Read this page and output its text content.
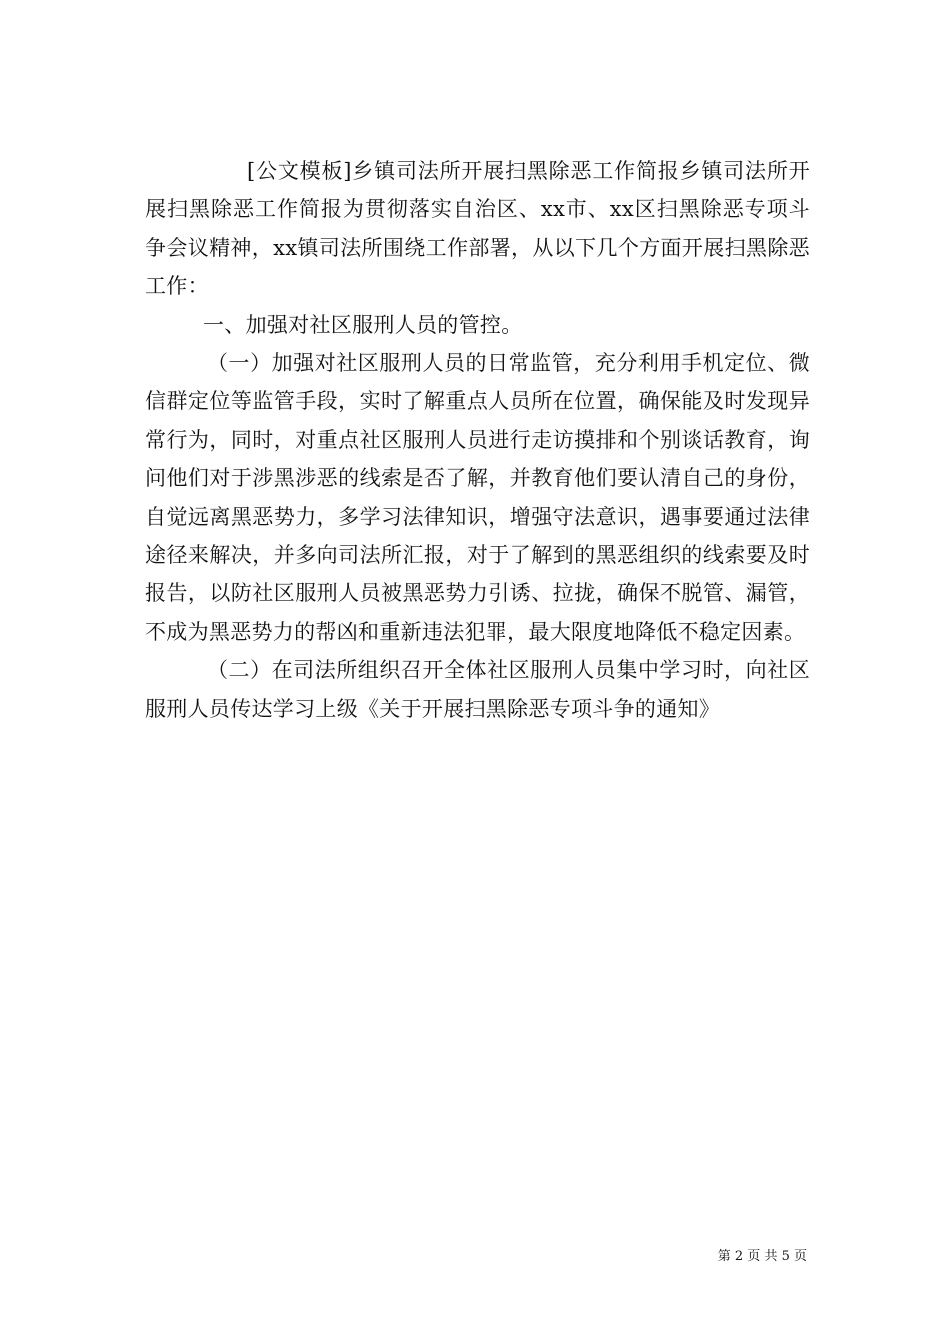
[公文模板]乡镇司法所开展扫黑除恶工作简报乡镇司法所开展扫黑除恶工作简报为贯彻落实自治区、xx市、xx区扫黑除恶专项斗争会议精神，xx镇司法所围绕工作部署，从以下几个方面开展扫黑除恶工作：

一、加强对社区服刑人员的管控。

（一）加强对社区服刑人员的日常监管，充分利用手机定位、微信群定位等监管手段，实时了解重点人员所在位置，确保能及时发现异常行为，同时，对重点社区服刑人员进行走访摸排和个别谈话教育，询问他们对于涉黑涉恶的线索是否了解，并教育他们要认清自己的身份，自觉远离黑恶势力，多学习法律知识，增强守法意识，遇事要通过法律途径来解决，并多向司法所汇报，对于了解到的黑恶组织的线索要及时报告，以防社区服刑人员被黑恶势力引诱、拉拢，确保不脱管、漏管，不成为黑恶势力的帮凶和重新违法犯罪，最大限度地降低不稳定因素。

（二）在司法所组织召开全体社区服刑人员集中学习时，向社区服刑人员传达学习上级《关于开展扫黑除恶专项斗争的通知》

第 2 页 共 5 页
